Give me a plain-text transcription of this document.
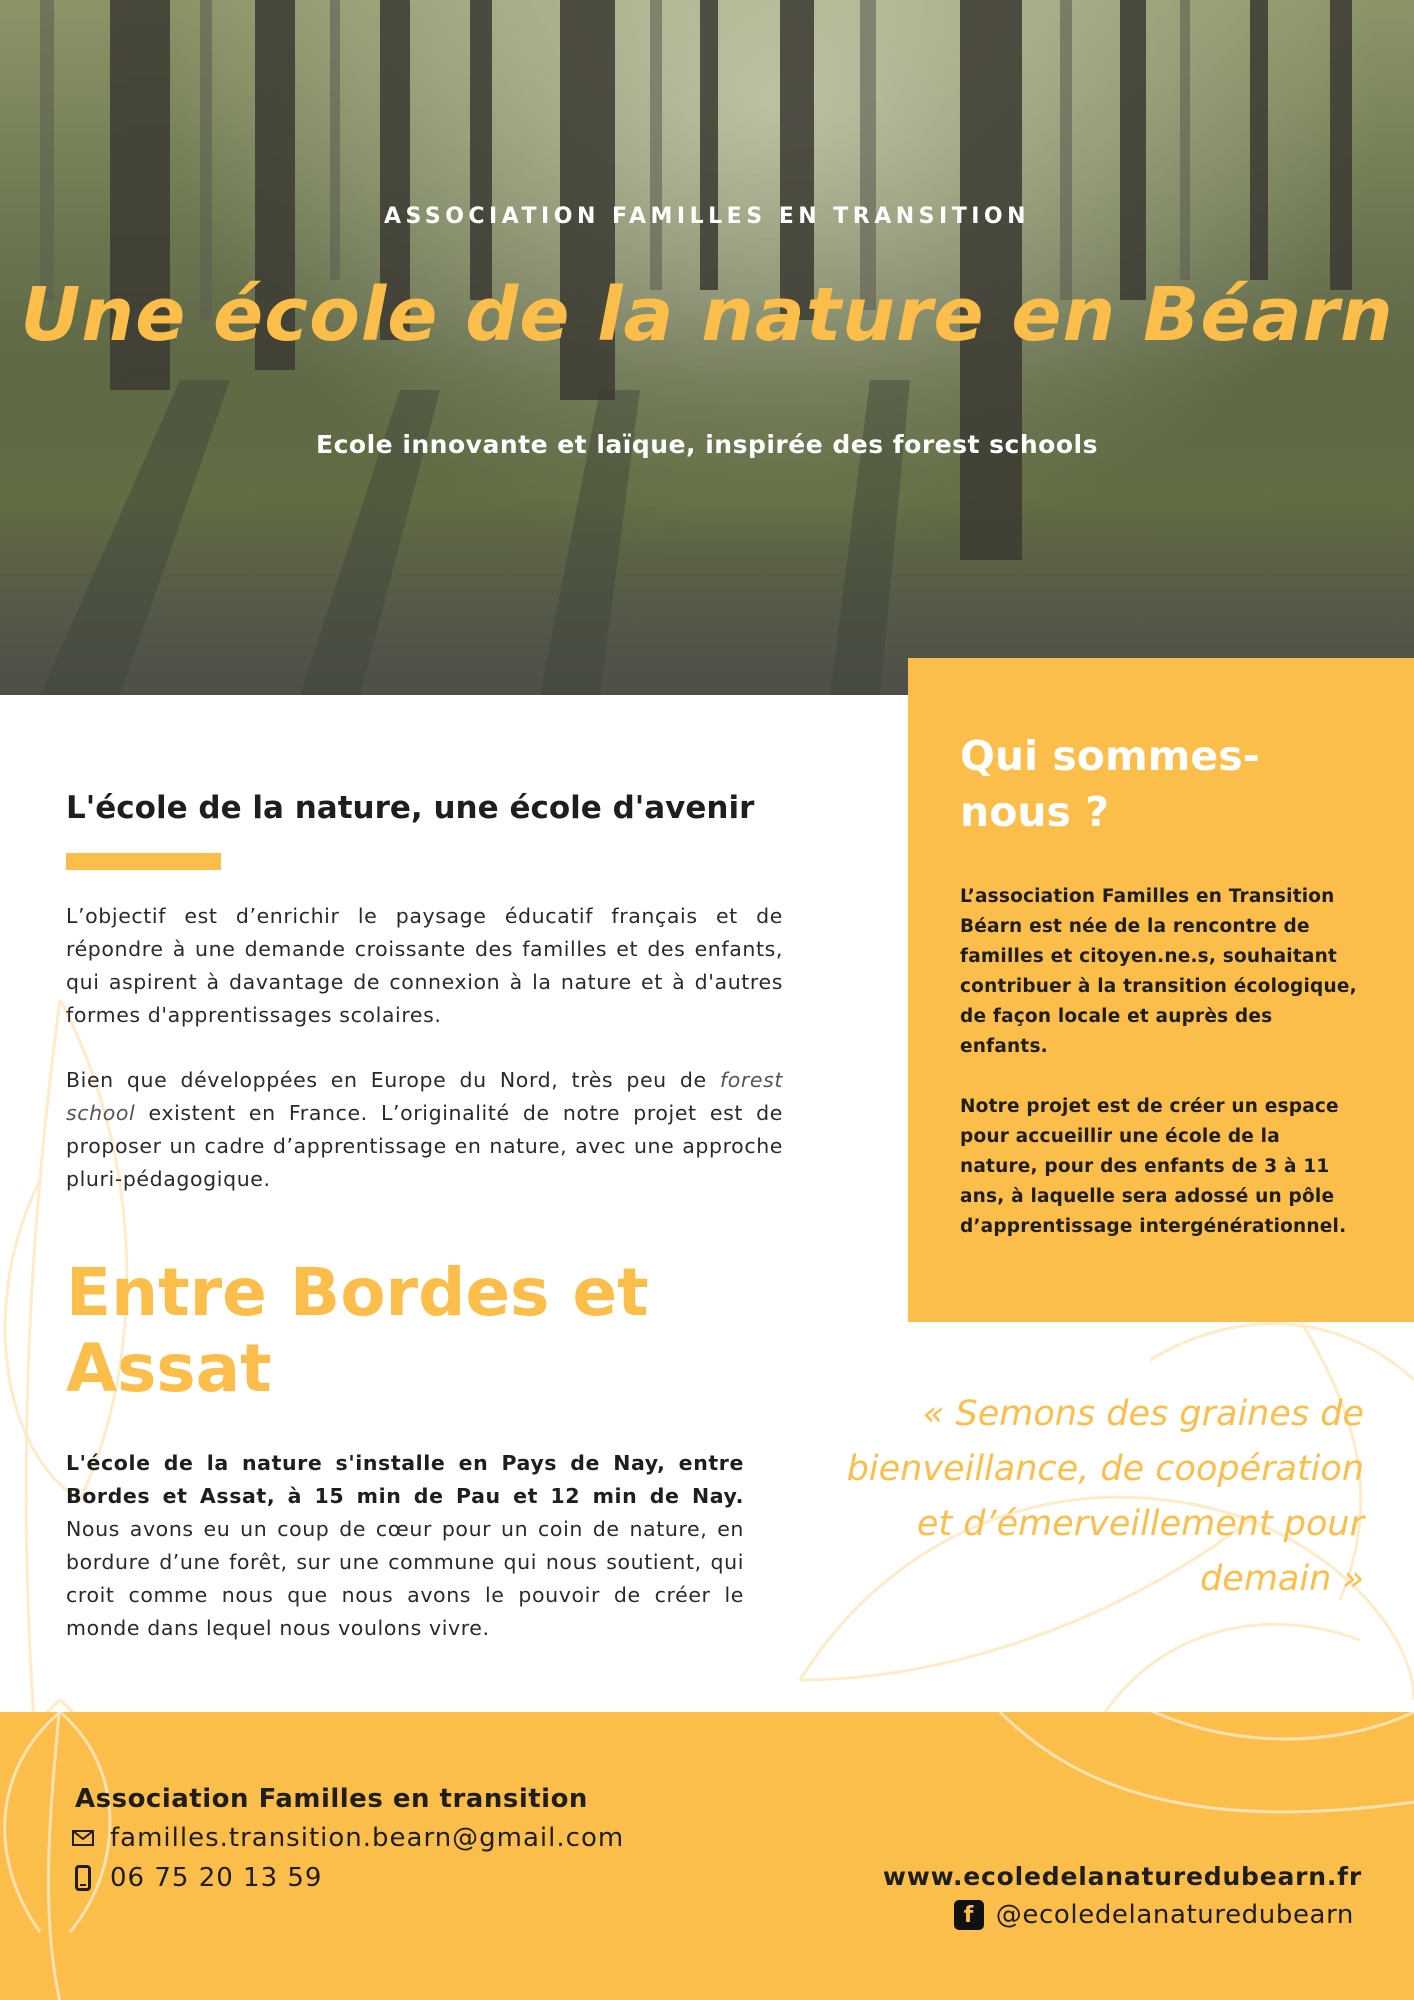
ASSOCIATION FAMILLES EN TRANSITION
Une école de la nature en Béarn
Ecole innovante et laïque, inspirée des forest schools
Qui sommes-
nous ?

L’association Familles en Transition Béarn est née de la rencontre de familles et citoyen.ne.s, souhaitant contribuer à la transition écologique, de façon locale et auprès des enfants.

Notre projet est de créer un espace pour accueillir une école de la nature, pour des enfants de 3 à 11 ans, à laquelle sera adossé un pôle d’apprentissage intergénérationnel.

L'école de la nature, une école d'avenir

L’objectif est d’enrichir le paysage éducatif français et de répondre à une demande croissante des familles et des enfants, qui aspirent à davantage de connexion à la nature et à d'autres formes d'apprentissages scolaires.

Bien que développées en Europe du Nord, très peu de forest school existent en France. L’originalité de notre projet est de proposer un cadre d’apprentissage en nature, avec une approche pluri-pédagogique.

Entre Bordes et
Assat

L'école de la nature s'installe en Pays de Nay, entre Bordes et Assat, à 15 min de Pau et 12 min de Nay. Nous avons eu un coup de cœur pour un coin de nature, en bordure d’une forêt, sur une commune qui nous soutient, qui croit comme nous que nous avons le pouvoir de créer le monde dans lequel nous voulons vivre.

« Semons des graines de bienveillance, de coopération et d’émerveillement pour demain »
Association Familles en transition
familles.transition.bearn@gmail.com
06 75 20 13 59	www.ecoledelanaturedubearn.fr
f @ecoledelanaturedubearn
